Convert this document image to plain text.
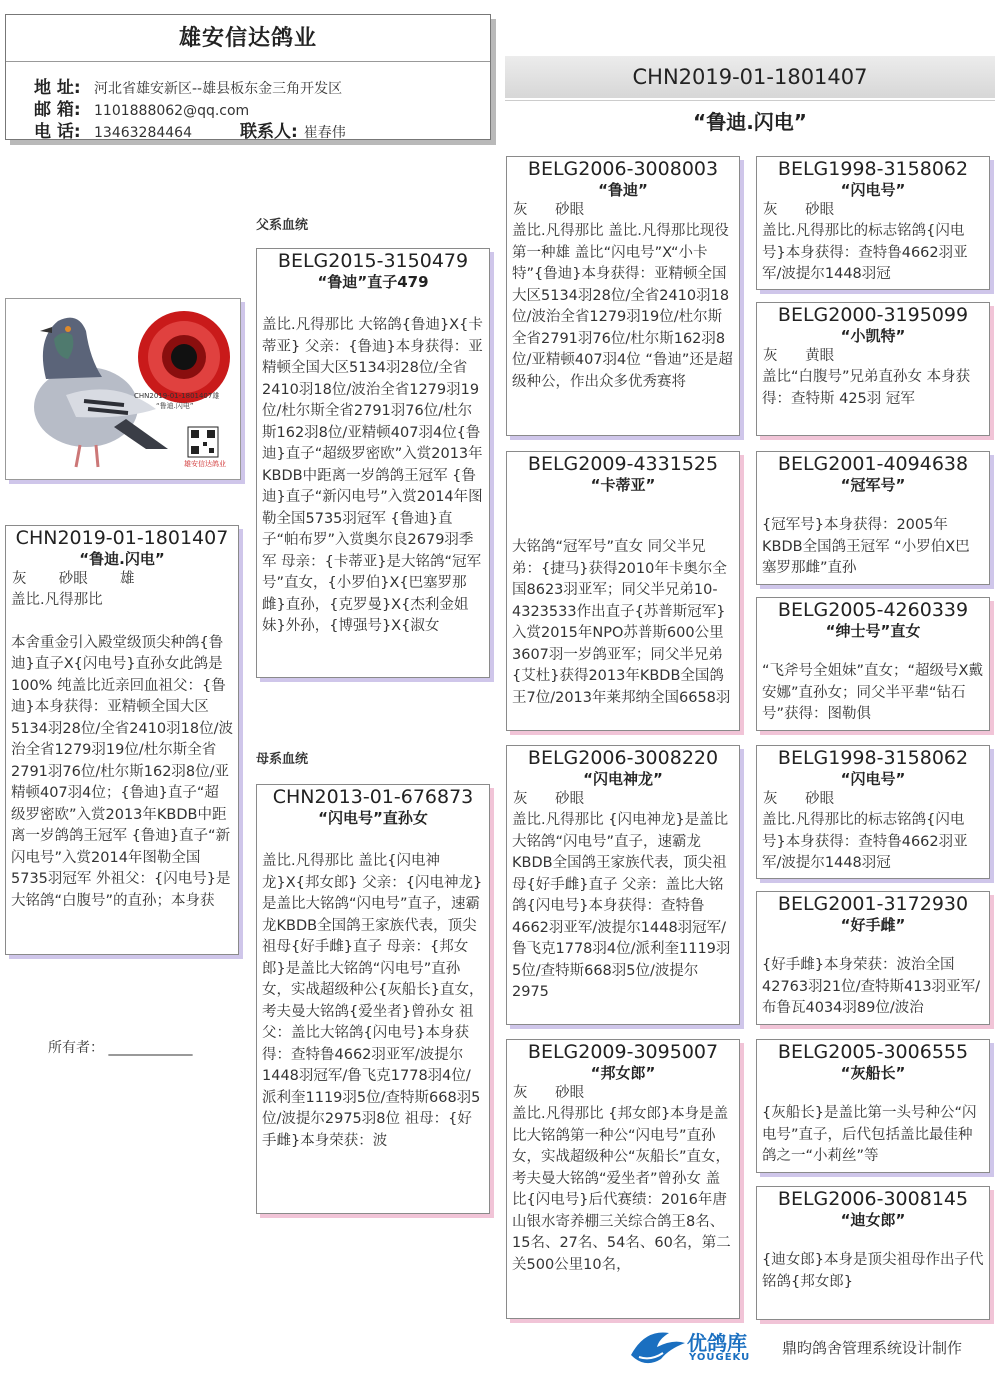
雄安信达鸽业
地 址: 河北省雄安新区--雄县板东金三角开发区
邮 箱: 1101888062@qq.com
电 话: 13463284464	联系人: 崔春伟
CHN2019-01-1801407
“鲁迪.闪电”
CHN2019-01-1801407雄
“鲁迪.闪电”
雄安信达鸽业
CHN2019-01-1801407
“鲁迪.闪电”
灰 砂眼 雄
盖比.凡得那比
本舍重金引入殿堂级顶尖种鸽{鲁迪}直子X{闪电号}直孙女此鸽是100% 纯盖比近亲回血祖父：{鲁迪}本身获得：亚精顿全国大区5134羽28位/全省2410羽18位/波治全省1279羽19位/杜尔斯全省2791羽76位/杜尔斯162羽8位/亚精顿407羽4位；{鲁迪}直子“超级罗密欧”入赏2013年KBDB中距离一岁鸽鸽王冠军 {鲁迪}直子“新闪电号”入赏2014年图勒全国5735羽冠军 外祖父：{闪电号}是大铭鸽“白腹号”的直孙；本身获
所有者： ____________
父系血统
母系血统
BELG2015-3150479
“鲁迪”直子479
盖比.凡得那比 大铭鸽{鲁迪}X{卡蒂亚} 父亲：{鲁迪}本身获得：亚精顿全国大区5134羽28位/全省2410羽18位/波治全省1279羽19位/杜尔斯全省2791羽76位/杜尔斯162羽8位/亚精顿407羽4位{鲁迪}直子“超级罗密欧”入赏2013年KBDB中距离一岁鸽鸽王冠军 {鲁迪}直子“新闪电号”入赏2014年图勒全国5735羽冠军 {鲁迪}直子“帕布罗”入赏奥尔良2679羽季军 母亲：{卡蒂亚}是大铭鸽“冠军号”直女，{小罗伯}X{巴塞罗那雌}直孙，{克罗曼}X{杰利金姐妹}外孙，{博强号}X{淑女
CHN2013-01-676873
“闪电号”直孙女
盖比.凡得那比 盖比{闪电神龙}X{邦女郎} 父亲：{闪电神龙}是盖比大铭鸽“闪电号”直子，速霸龙KBDB全国鸽王家族代表，顶尖祖母{好手雌}直子 母亲：{邦女郎}是盖比大铭鸽“闪电号”直孙女，实战超级种公{灰船长}直女，考夫曼大铭鸽{爱坐者}曾孙女 祖父：盖比大铭鸽{闪电号}本身获得：查特鲁4662羽亚军/波提尔1448羽冠军/鲁飞克1778羽4位/派利奎1119羽5位/查特斯668羽5位/波提尔2975羽8位 祖母：{好手雌}本身荣获：波
BELG2006-3008003
“鲁迪”
灰 砂眼
盖比.凡得那比 盖比.凡得那比现役第一种雄 盖比“闪电号”X“小卡特”{鲁迪}本身获得：亚精顿全国大区5134羽28位/全省2410羽18位/波治全省1279羽19位/杜尔斯全省2791羽76位/杜尔斯162羽8位/亚精顿407羽4位 “鲁迪”还是超级种公，作出众多优秀赛将
BELG2009-4331525
“卡蒂亚”
大铭鸽“冠军号”直女 同父半兄弟：{捷马}获得2010年卡奥尔全国8623羽亚军；同父半兄弟10-4323533作出直子{苏普斯冠军}入赏2015年NPO苏普斯600公里3607羽一岁鸽亚军；同父半兄弟{艾杜}获得2013年KBDB全国鸽王7位/2013年莱邦纳全国6658羽
BELG2006-3008220
“闪电神龙”
灰 砂眼
盖比.凡得那比 {闪电神龙}是盖比大铭鸽“闪电号”直子，速霸龙KBDB全国鸽王家族代表，顶尖祖母{好手雌}直子 父亲：盖比大铭鸽{闪电号}本身获得：查特鲁4662羽亚军/波提尔1448羽冠军/鲁飞克1778羽4位/派利奎1119羽5位/查特斯668羽5位/波提尔2975
BELG2009-3095007
“邦女郎”
灰 砂眼
盖比.凡得那比 {邦女郎}本身是盖比大铭鸽第一种公“闪电号”直孙女，实战超级种公“灰船长”直女，考夫曼大铭鸽“爱坐者”曾孙女 盖比{闪电号}后代赛绩：2016年唐山银水寄养棚三关综合鸽王8名、15名、27名、54名、60名，第二关500公里10名，
BELG1998-3158062
“闪电号”
灰 砂眼
盖比.凡得那比的标志铭鸽{闪电号}本身获得：查特鲁4662羽亚军/波提尔1448羽冠
BELG2000-3195099
“小凯特”
灰 黄眼
盖比“白腹号”兄弟直孙女 本身获得：查特斯 425羽 冠军
BELG2001-4094638
“冠军号”
{冠军号}本身获得：2005年KBDB全国鸽王冠军 “小罗伯X巴塞罗那雌”直孙
BELG2005-4260339
“绅士号”直女
“飞斧号全姐妹”直女；“超级号X戴安娜”直孙女；同父半平辈“钻石号”获得：图勒俱
BELG1998-3158062
“闪电号”
灰 砂眼
盖比.凡得那比的标志铭鸽{闪电号}本身获得：查特鲁4662羽亚军/波提尔1448羽冠
BELG2001-3172930
“好手雌”
{好手雌}本身荣获：波治全国42763羽21位/查特斯413羽亚军/布鲁瓦4034羽89位/波治
BELG2005-3006555
“灰船长”
{灰船长}是盖比第一头号种公“闪电号”直子，后代包括盖比最佳种鸽之一“小莉丝”等
BELG2006-3008145
“迪女郎”
{迪女郎}本身是顶尖祖母作出子代铭鸽{邦女郎}
优鸽库
YOUGEKU
鼎昀鸽舍管理系统设计制作
